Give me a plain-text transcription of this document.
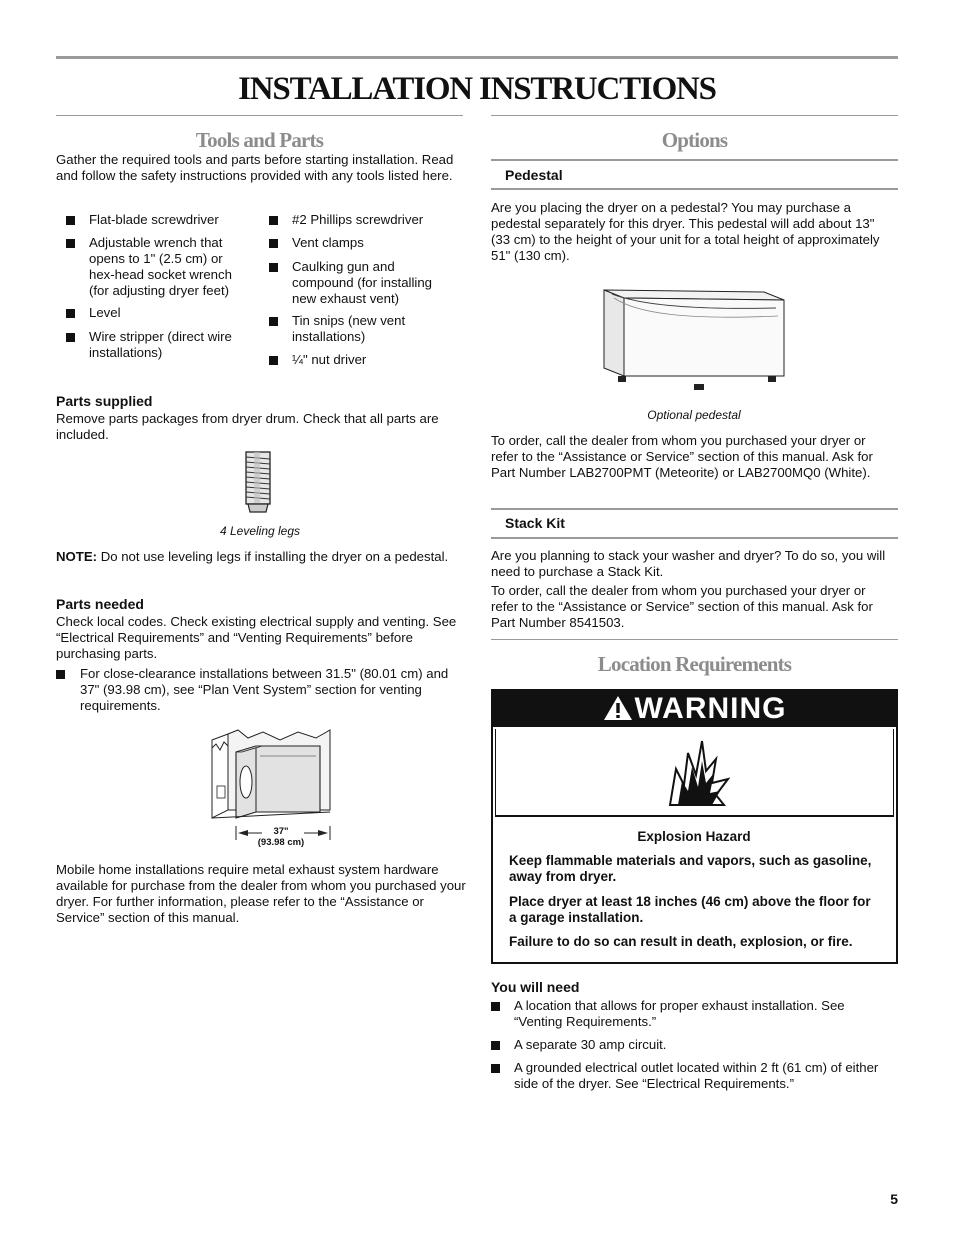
INSTALLATION INSTRUCTIONS
Tools and Parts

Gather the required tools and parts before starting installation. Read and follow the safety instructions provided with any tools listed here.

Flat-blade screwdriver
Adjustable wrench that opens to 1" (2.5 cm) or hex-head socket wrench (for adjusting dryer feet)
Level
Wire stripper (direct wire installations)
#2 Phillips screwdriver
Vent clamps
Caulking gun and compound (for installing new exhaust vent)
Tin snips (new vent installations)
¼" nut driver

Parts supplied

Remove parts packages from dryer drum. Check that all parts are included.

4 Leveling legs

NOTE: Do not use leveling legs if installing the dryer on a pedestal.

Parts needed

Check local codes. Check existing electrical supply and venting. See “Electrical Requirements” and “Venting Requirements” before purchasing parts.

For close-clearance installations between 31.5" (80.01 cm) and 37" (93.98 cm), see “Plan Vent System” section for venting requirements.
37"
(93.98 cm)

Mobile home installations require metal exhaust system hardware available for purchase from the dealer from whom you purchased your dryer. For further information, please refer to the “Assistance or Service” section of this manual.

Options

Pedestal

Are you placing the dryer on a pedestal? You may purchase a pedestal separately for this dryer. This pedestal will add about 13" (33 cm) to the height of your unit for a total height of approximately 51" (130 cm).

Optional pedestal

To order, call the dealer from whom you purchased your dryer or refer to the “Assistance or Service” section of this manual. Ask for Part Number LAB2700PMT (Meteorite) or LAB2700MQ0 (White).

Stack Kit

Are you planning to stack your washer and dryer? To do so, you will need to purchase a Stack Kit.

To order, call the dealer from whom you purchased your dryer or refer to the “Assistance or Service” section of this manual. Ask for Part Number 8541503.

Location Requirements
WARNING
Explosion Hazard
Keep flammable materials and vapors, such as gasoline, away from dryer.
Place dryer at least 18 inches (46 cm) above the floor for a garage installation.
Failure to do so can result in death, explosion, or fire.

You will need

A location that allows for proper exhaust installation. See “Venting Requirements.”
A separate 30 amp circuit.
A grounded electrical outlet located within 2 ft (61 cm) of either side of the dryer. See “Electrical Requirements.”
5
